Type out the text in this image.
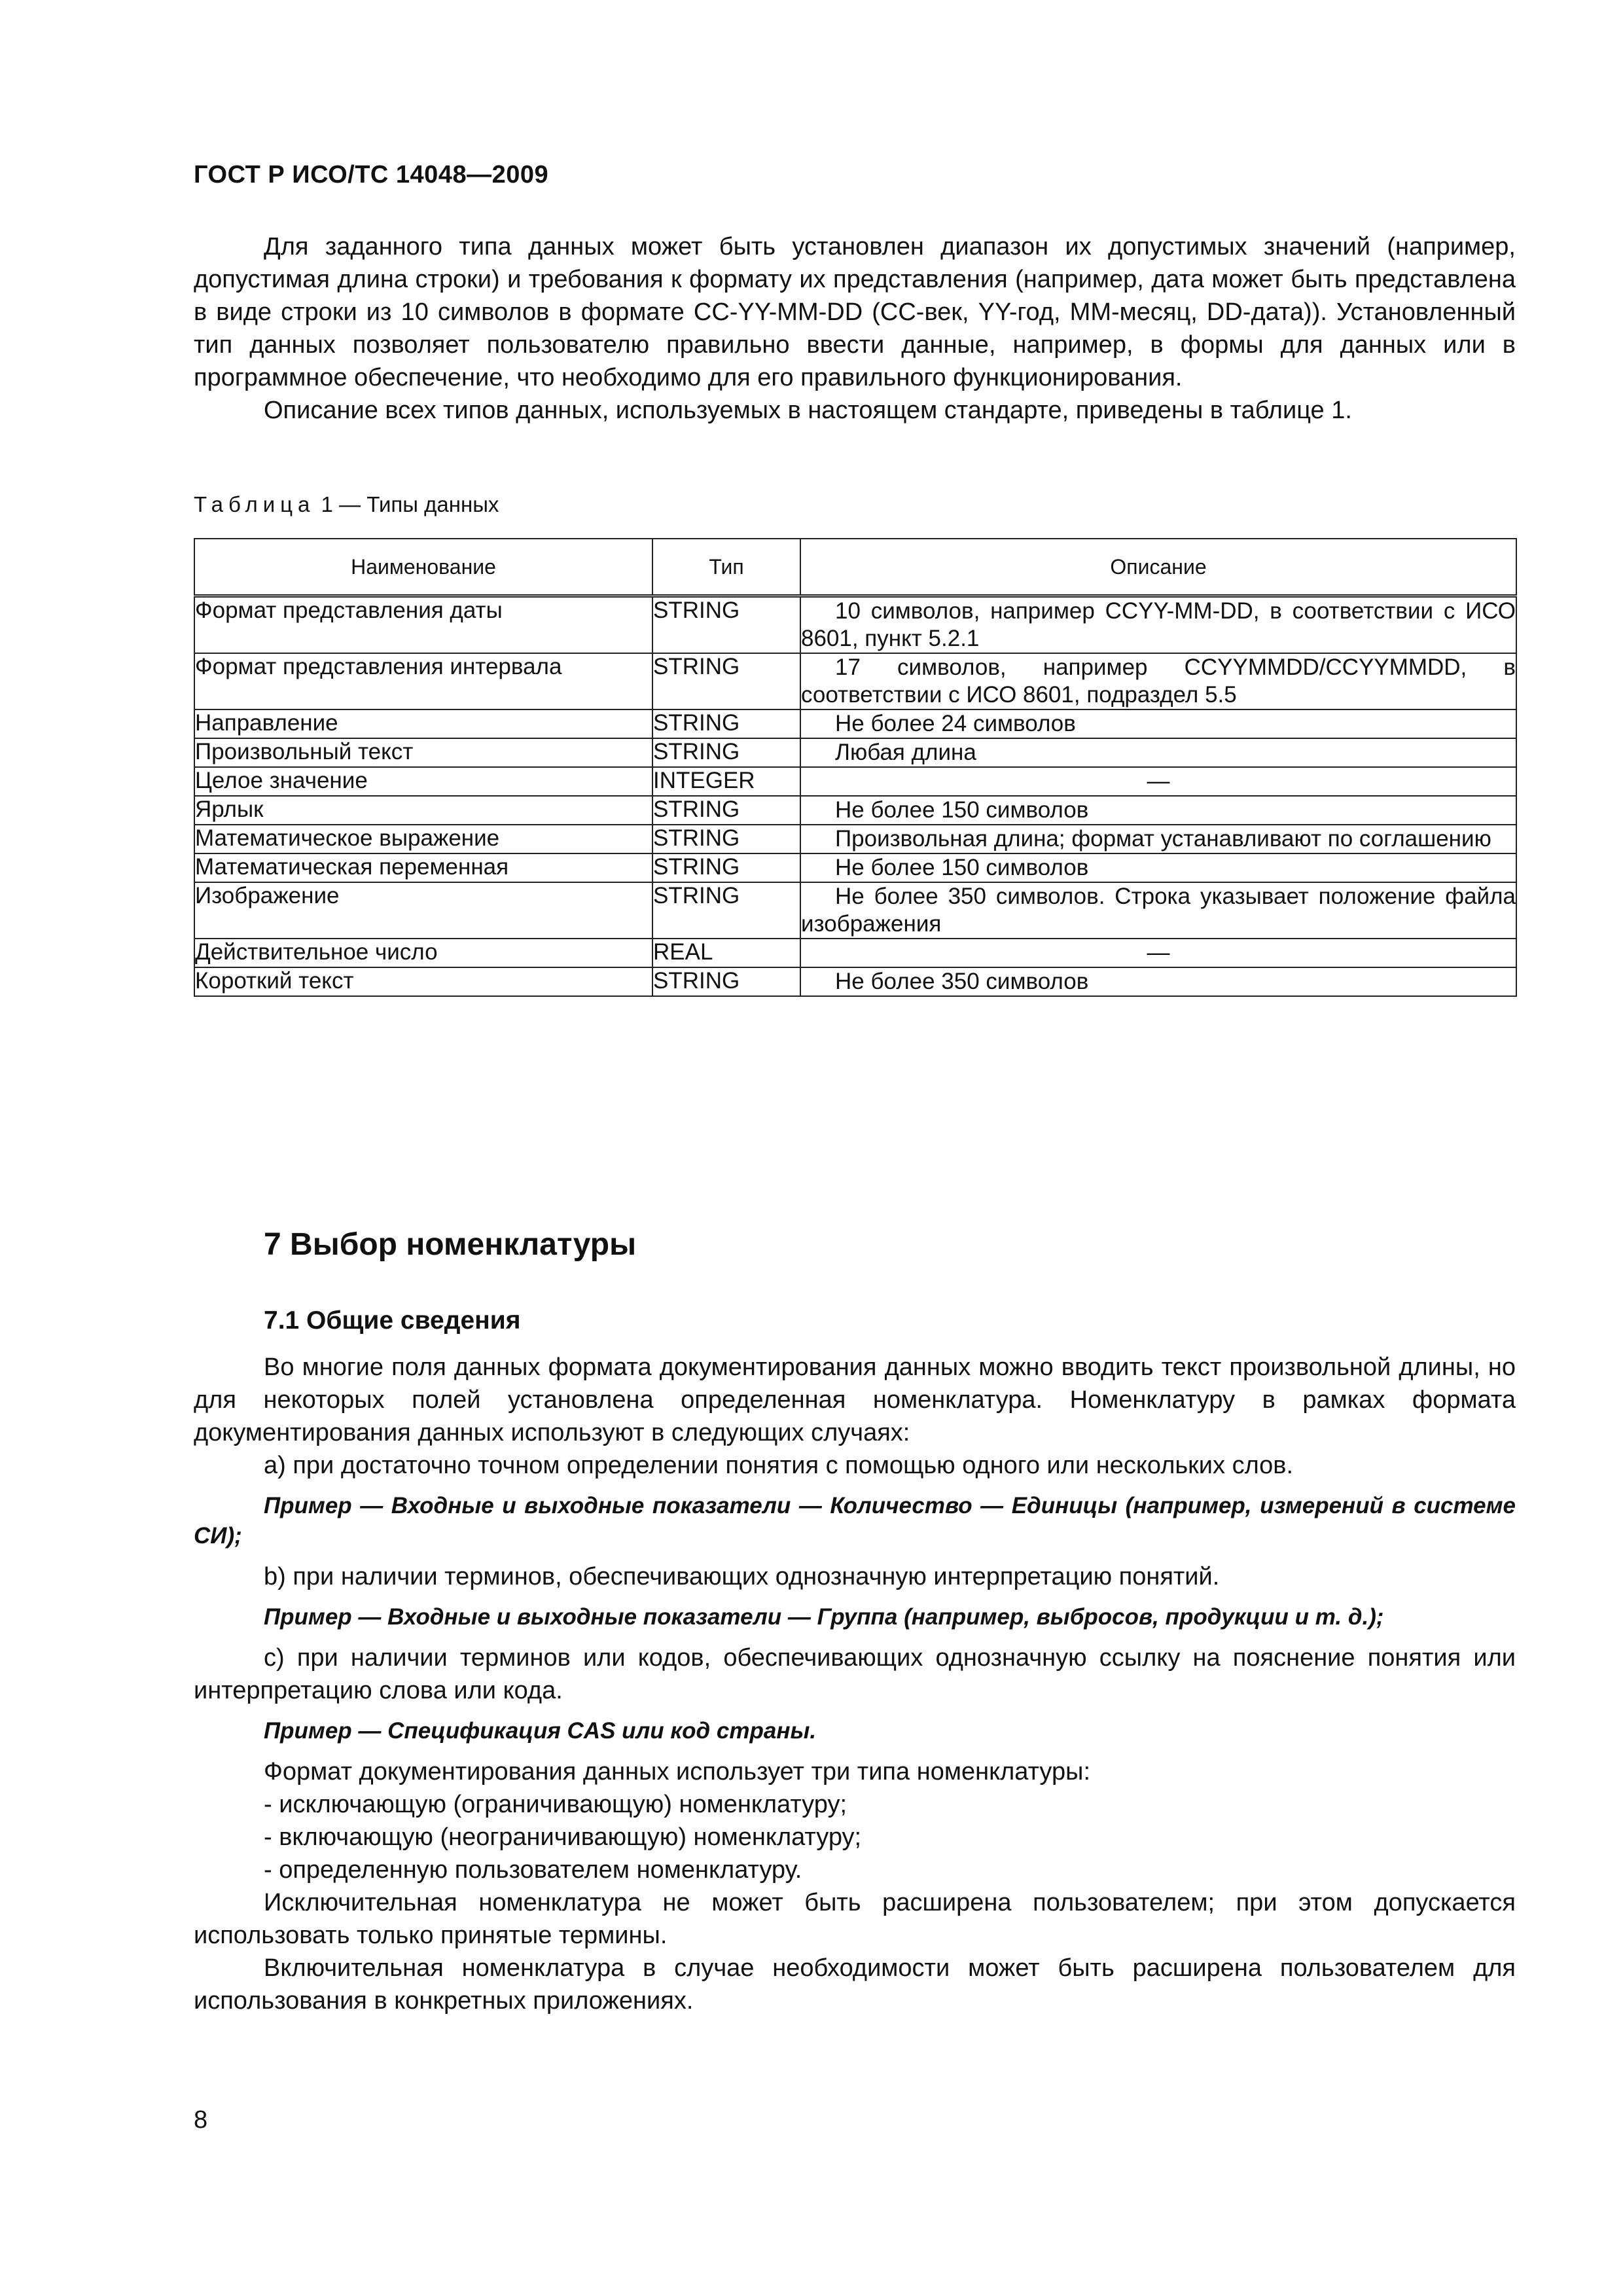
ГОСТ Р ИСО/ТС 14048—2009

Для заданного типа данных может быть установлен диапазон их допустимых значений (например, допустимая длина строки) и требования к формату их представления (например, дата может быть представлена в виде строки из 10 символов в формате CC-YY-MM-DD (CC-век, YY-год, MM-месяц, DD-дата)). Установленный тип данных позволяет пользователю правильно ввести данные, например, в формы для данных или в программное обеспечение, что необходимо для его правильного функционирования.

Описание всех типов данных, используемых в настоящем стандарте, приведены в таблице 1.

Таблица 1 — Типы данных
Наименование	Тип	Описание
Формат представления даты	STRING	10 символов, например CCYY-MM-DD, в соответствии с ИСО 8601, пункт 5.2.1
Формат представления интервала	STRING	17 символов, например CCYYMMDD/CCYYMMDD, в соответствии с ИСО 8601, подраздел 5.5
Направление	STRING	Не более 24 символов
Произвольный текст	STRING	Любая длина
Целое значение	INTEGER	—
Ярлык	STRING	Не более 150 символов
Математическое выражение	STRING	Произвольная длина; формат устанавливают по соглашению
Математическая переменная	STRING	Не более 150 символов
Изображение	STRING	Не более 350 символов. Строка указывает положение файла изображения
Действительное число	REAL	—
Короткий текст	STRING	Не более 350 символов
7 Выбор номенклатуры
7.1 Общие сведения

Во многие поля данных формата документирования данных можно вводить текст произвольной длины, но для некоторых полей установлена определенная номенклатура. Номенклатуру в рамках формата документирования данных используют в следующих случаях:

a) при достаточно точном определении понятия с помощью одного или нескольких слов.

Пример — Входные и выходные показатели — Количество — Единицы (например, измерений в системе СИ);

b) при наличии терминов, обеспечивающих однозначную интерпретацию понятий.

Пример — Входные и выходные показатели — Группа (например, выбросов, продукции и т. д.);

c) при наличии терминов или кодов, обеспечивающих однозначную ссылку на пояснение понятия или интерпретацию слова или кода.

Пример — Спецификация CAS или код страны.

Формат документирования данных использует три типа номенклатуры:

- исключающую (ограничивающую) номенклатуру;

- включающую (неограничивающую) номенклатуру;

- определенную пользователем номенклатуру.

Исключительная номенклатура не может быть расширена пользователем; при этом допускается использовать только принятые термины.

Включительная номенклатура в случае необходимости может быть расширена пользователем для использования в конкретных приложениях.

8
